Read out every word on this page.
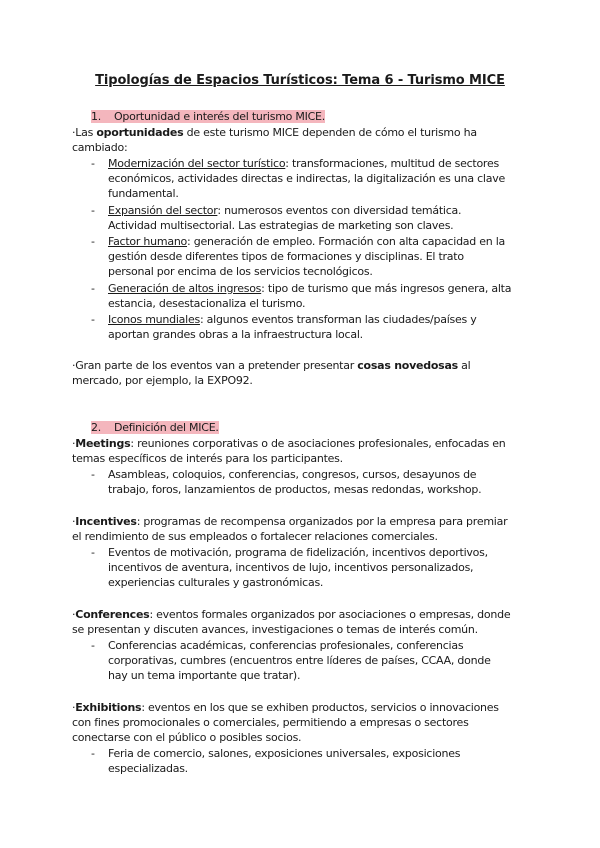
Tipologías de Espacios Turísticos: Tema 6 - Turismo MICE
1. Oportunidad e interés del turismo MICE.
·Las oportunidades de este turismo MICE dependen de cómo el turismo ha
cambiado:
- Modernización del sector turístico: transformaciones, multitud de sectores
económicos, actividades directas e indirectas, la digitalización es una clave
fundamental.
- Expansión del sector: numerosos eventos con diversidad temática.
Actividad multisectorial. Las estrategias de marketing son claves.
- Factor humano: generación de empleo. Formación con alta capacidad en la
gestión desde diferentes tipos de formaciones y disciplinas. El trato
personal por encima de los servicios tecnológicos.
- Generación de altos ingresos: tipo de turismo que más ingresos genera, alta
estancia, desestacionaliza el turismo.
- Iconos mundiales: algunos eventos transforman las ciudades/países y
aportan grandes obras a la infraestructura local.
·Gran parte de los eventos van a pretender presentar cosas novedosas al
mercado, por ejemplo, la EXPO92.
2. Definición del MICE.
·Meetings: reuniones corporativas o de asociaciones profesionales, enfocadas en
temas específicos de interés para los participantes.
- Asambleas, coloquios, conferencias, congresos, cursos, desayunos de
trabajo, foros, lanzamientos de productos, mesas redondas, workshop.
·Incentives: programas de recompensa organizados por la empresa para premiar
el rendimiento de sus empleados o fortalecer relaciones comerciales.
- Eventos de motivación, programa de fidelización, incentivos deportivos,
incentivos de aventura, incentivos de lujo, incentivos personalizados,
experiencias culturales y gastronómicas.
·Conferences: eventos formales organizados por asociaciones o empresas, donde
se presentan y discuten avances, investigaciones o temas de interés común.
- Conferencias académicas, conferencias profesionales, conferencias
corporativas, cumbres (encuentros entre líderes de países, CCAA, donde
hay un tema importante que tratar).
·Exhibitions: eventos en los que se exhiben productos, servicios o innovaciones
con fines promocionales o comerciales, permitiendo a empresas o sectores
conectarse con el público o posibles socios.
- Feria de comercio, salones, exposiciones universales, exposiciones
especializadas.
